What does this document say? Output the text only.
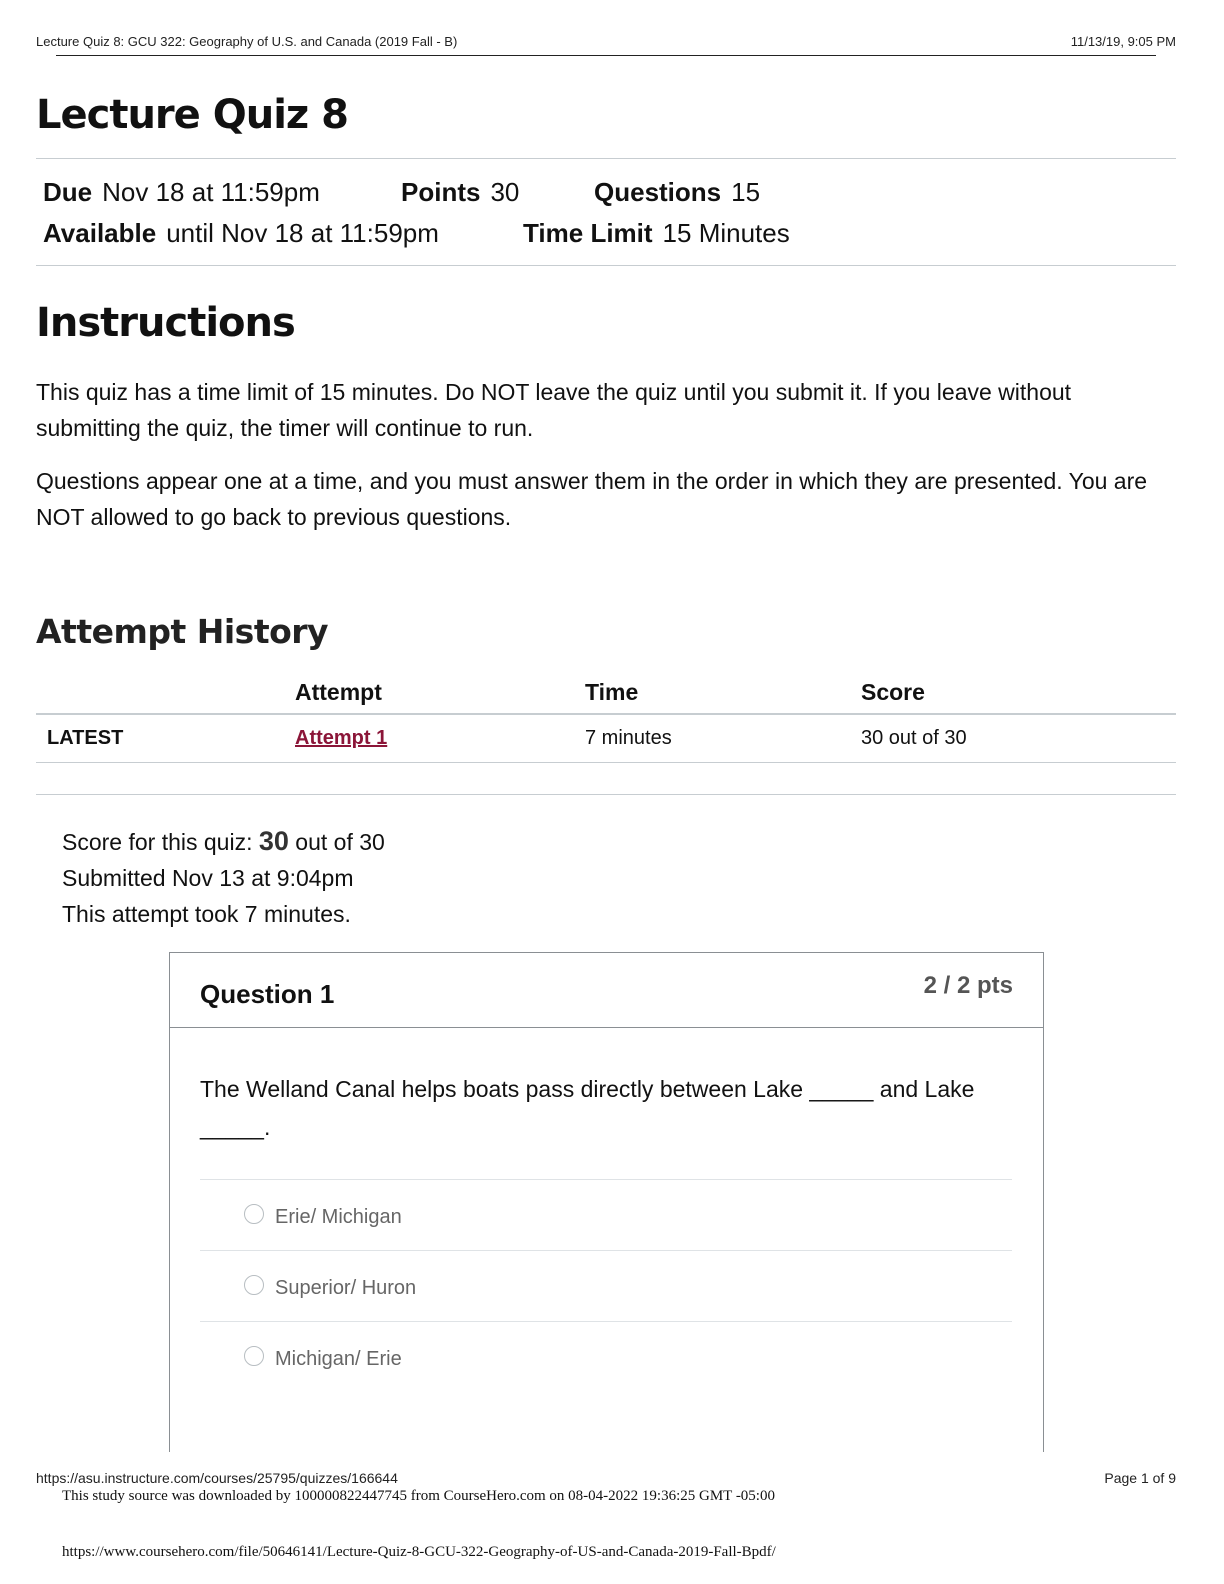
Lecture Quiz 8: GCU 322: Geography of U.S. and Canada (2019 Fall - B)	11/13/19, 9:05 PM
Lecture Quiz 8
Due Nov 18 at 11:59pm	Points 30	Questions 15
Available until Nov 18 at 11:59pm	Time Limit 15 Minutes
Instructions

This quiz has a time limit of 15 minutes. Do NOT leave the quiz until you submit it. If you leave without submitting the quiz, the timer will continue to run.

Questions appear one at a time, and you must answer them in the order in which they are presented. You are NOT allowed to go back to previous questions.

Attempt History
	Attempt	Time	Score
LATEST	Attempt 1	7 minutes	30 out of 30
Score for this quiz: 30 out of 30
Submitted Nov 13 at 9:04pm
This attempt took 7 minutes.
Question 1	2 / 2 pts

The Welland Canal helps boats pass directly between Lake _____ and Lake _____.

Erie/ Michigan
Superior/ Huron
Michigan/ Erie
https://asu.instructure.com/courses/25795/quizzes/166644	Page 1 of 9
This study source was downloaded by 100000822447745 from CourseHero.com on 08-04-2022 19:36:25 GMT -05:00
https://www.coursehero.com/file/50646141/Lecture-Quiz-8-GCU-322-Geography-of-US-and-Canada-2019-Fall-Bpdf/
